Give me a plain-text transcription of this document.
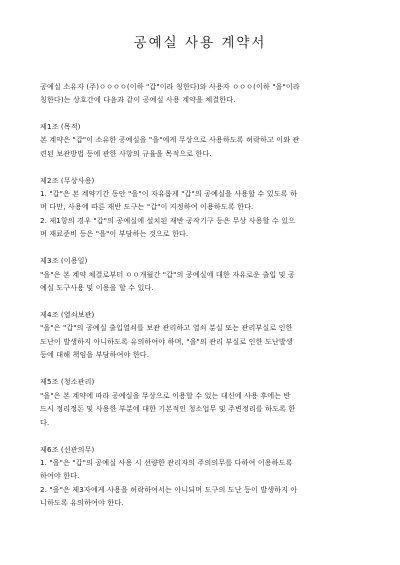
공예실 사용 계약서

공예실 소유자 (주)ㅇㅇㅇㅇ(이하 "갑"이라 칭한다)와 사용자 ㅇㅇㅇ(이하 "을"이라
칭한다)는 상호간에 다음과 같이 공예실 사용 계약을 체결한다.

제1조 (목적)

본 계약은 "갑"이 소유한 공예실을 "을"에게 무상으로 사용하도록 허락하고 이와 관
련된 보관방법 등에 관한 사항의 규율을 목적으로 한다.

제2조 (무상사용)

1. "갑"은 본 계약기간 동안 "을"이 자유롭게 "갑"의 공예실을 사용할 수 있도록 하
며 다만, 사용에 따른 재반 도구는 "갑"이 지정하여 이용하도록 한다.
2. 제1항의 경우 "갑"의 공예실에 설치된 재반 공작기구 등은 무상 사용할 수 있으
며 재료준비 등은 "을"이 부담하는 것으로 한다.

제3조 (이용일)

"을"은 본 계약 체결로부터 ㅇㅇ개월간 "갑"의 공예실에 대한 자유로운 출입 및 공
예실 도구사용 및 이용을 할 수 있다.

제4조 (열쇠보관)

"을"은 "갑"의 공예실 출입열쇠를 보관 관리하고 열쇠 분실 또는 관리부실로 인한
도난이 발생하지 아니하도록 유의하여야 하며, "을"의 관리 부실로 인한 도난발생
등에 대해 책임을 부담하여야 한다.

제5조 (청소관리)

"을"은 본 계약에 따라 공예실을 무상으로 이용할 수 있는 대신에 사용 후에는 반
드시 정리정돈 및 사용한 부분에 대한 기본적인 청소업무 및 주변정리를 하도록 한
다.

제6조 (선관의무)

1. "을"은 "갑"의 공예실 사용 시 선량한 관리자의 주의의무를 다하여 이용하도록
하여야 한다.
2. "을"은 제3자에게 사용을 허락하여서는 아니되며 도구의 도난 등이 발생하지 아
니하도록 유의하여야 한다.
